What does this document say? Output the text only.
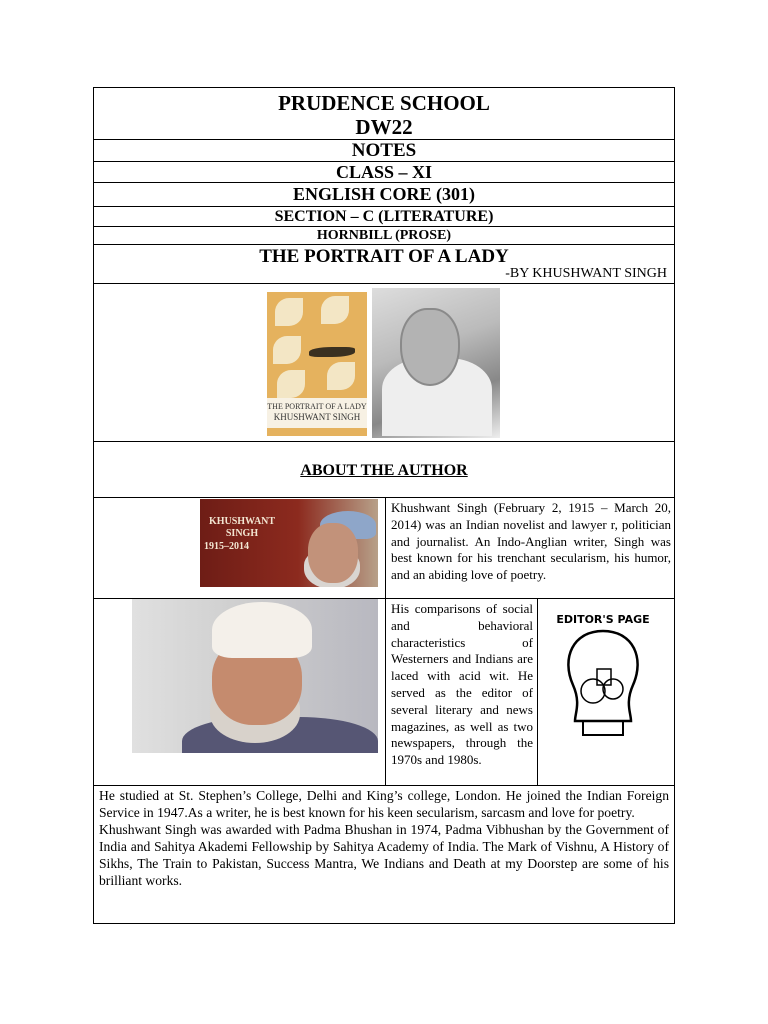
PRUDENCE SCHOOL
DW22
NOTES
CLASS – XI
ENGLISH CORE (301)
SECTION – C (LITERATURE)
HORNBILL (PROSE)
THE PORTRAIT OF A LADY
-BY KHUSHWANT SINGH
THE PORTRAIT OF A LADY
KHUSHWANT SINGH
ABOUT THE AUTHOR
KHUSHWANT SINGH
1915–2014
Khushwant Singh (February 2, 1915 – March 20, 2014) was an Indian novelist and lawyer r, politician and journalist. An Indo-Anglian writer, Singh was best known for his trenchant secularism, his humor, and an abiding love of poetry.
His comparisons of social and behavioral characteristics of Westerners and Indians are laced with acid wit. He served as the editor of several literary and news magazines, as well as two newspapers, through the 1970s and 1980s.
EDITOR'S PAGE
He studied at St. Stephen’s College, Delhi and King’s college, London. He joined the Indian Foreign Service in 1947.As a writer, he is best known for his keen secularism, sarcasm and love for poetry.
Khushwant Singh was awarded with Padma Bhushan in 1974, Padma Vibhushan by the Government of India and Sahitya Akademi Fellowship by Sahitya Academy of India. The Mark of Vishnu, A History of Sikhs, The Train to Pakistan, Success Mantra, We Indians and Death at my Doorstep are some of his brilliant works.
